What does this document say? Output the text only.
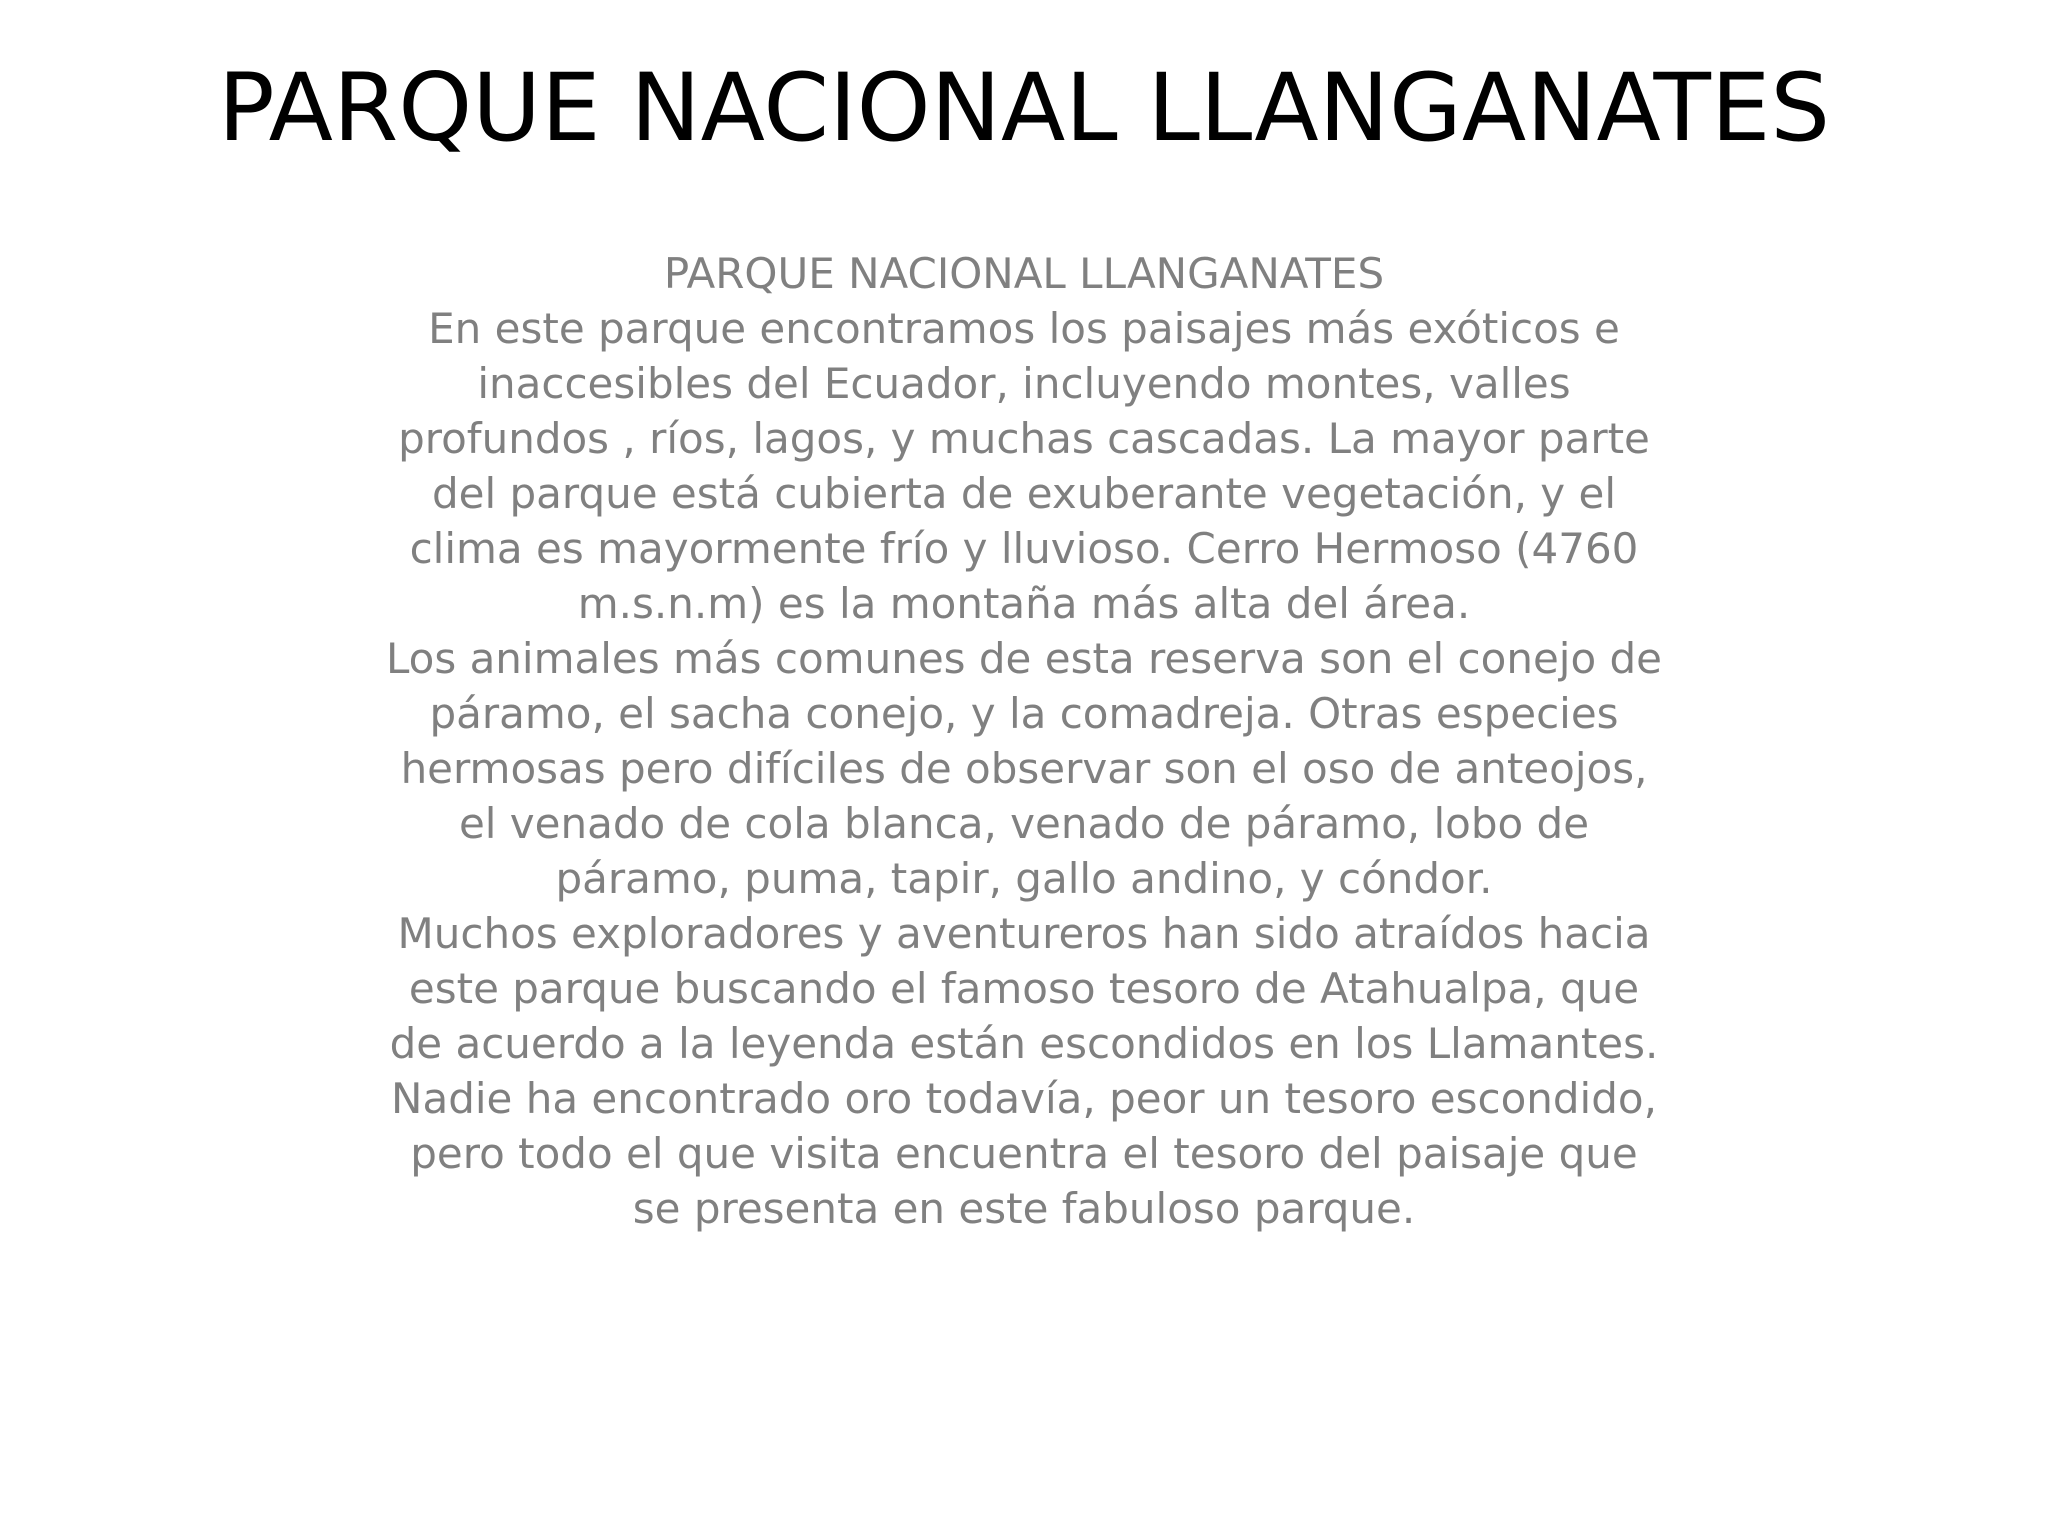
PARQUE NACIONAL LLANGANATES
PARQUE NACIONAL LLANGANATES
En este parque encontramos los paisajes más exóticos e
inaccesibles del Ecuador, incluyendo montes, valles
profundos , ríos, lagos, y muchas cascadas. La mayor parte
del parque está cubierta de exuberante vegetación, y el
clima es mayormente frío y lluvioso. Cerro Hermoso (4760
m.s.n.m) es la montaña más alta del área.
Los animales más comunes de esta reserva son el conejo de
páramo, el sacha conejo, y la comadreja. Otras especies
hermosas pero difíciles de observar son el oso de anteojos,
el venado de cola blanca, venado de páramo, lobo de
páramo, puma, tapir, gallo andino, y cóndor.
Muchos exploradores y aventureros han sido atraídos hacia
este parque buscando el famoso tesoro de Atahualpa, que
de acuerdo a la leyenda están escondidos en los Llamantes.
Nadie ha encontrado oro todavía, peor un tesoro escondido,
pero todo el que visita encuentra el tesoro del paisaje que
se presenta en este fabuloso parque.
